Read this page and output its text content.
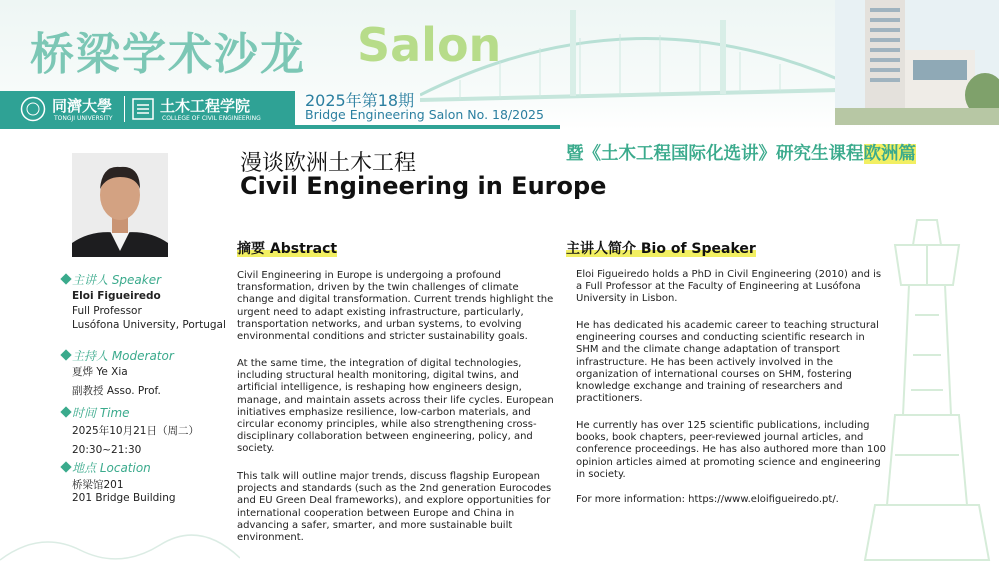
桥梁学术沙龙 Salon
同濟大學
TONGJI UNIVERSITY
土木工程学院
COLLEGE OF CIVIL ENGINEERING
2025年第18期
Bridge Engineering Salon No. 18/2025
暨《土木工程国际化选讲》研究生课程欧洲篇
漫谈欧洲土木工程
Civil Engineering in Europe
主讲人 Speaker
Eloi Figueiredo
Full Professor
Lusófona University, Portugal
主持人 Moderator
夏烨 Ye Xia
副教授 Asso. Prof.
时间 Time
2025年10月21日（周二）
20:30~21:30
地点 Location
桥梁馆201
201 Bridge Building
摘要 Abstract
Civil Engineering in Europe is undergoing a profound transformation, driven by the twin challenges of climate change and digital transformation. Current trends highlight the urgent need to adapt existing infrastructure, particularly, transportation networks, and urban systems, to evolving environmental conditions and stricter sustainability goals.
At the same time, the integration of digital technologies, including structural health monitoring, digital twins, and artificial intelligence, is reshaping how engineers design, manage, and maintain assets across their life cycles. European initiatives emphasize resilience, low-carbon materials, and circular economy principles, while also strengthening cross-disciplinary collaboration between engineering, policy, and society.
This talk will outline major trends, discuss flagship European projects and standards (such as the 2nd generation Eurocodes and EU Green Deal frameworks), and explore opportunities for international cooperation between Europe and China in advancing a safer, smarter, and more sustainable built environment.
主讲人简介 Bio of Speaker
Eloi Figueiredo holds a PhD in Civil Engineering (2010) and is a Full Professor at the Faculty of Engineering at Lusófona University in Lisbon.
He has dedicated his academic career to teaching structural engineering courses and conducting scientific research in SHM and the climate change adaptation of transport infrastructure. He has been actively involved in the organization of international courses on SHM, fostering knowledge exchange and training of researchers and practitioners.
He currently has over 125 scientific publications, including books, book chapters, peer-reviewed journal articles, and conference proceedings. He has also authored more than 100 opinion articles aimed at promoting science and engineering in society.
For more information: https://www.eloifigueiredo.pt/.
